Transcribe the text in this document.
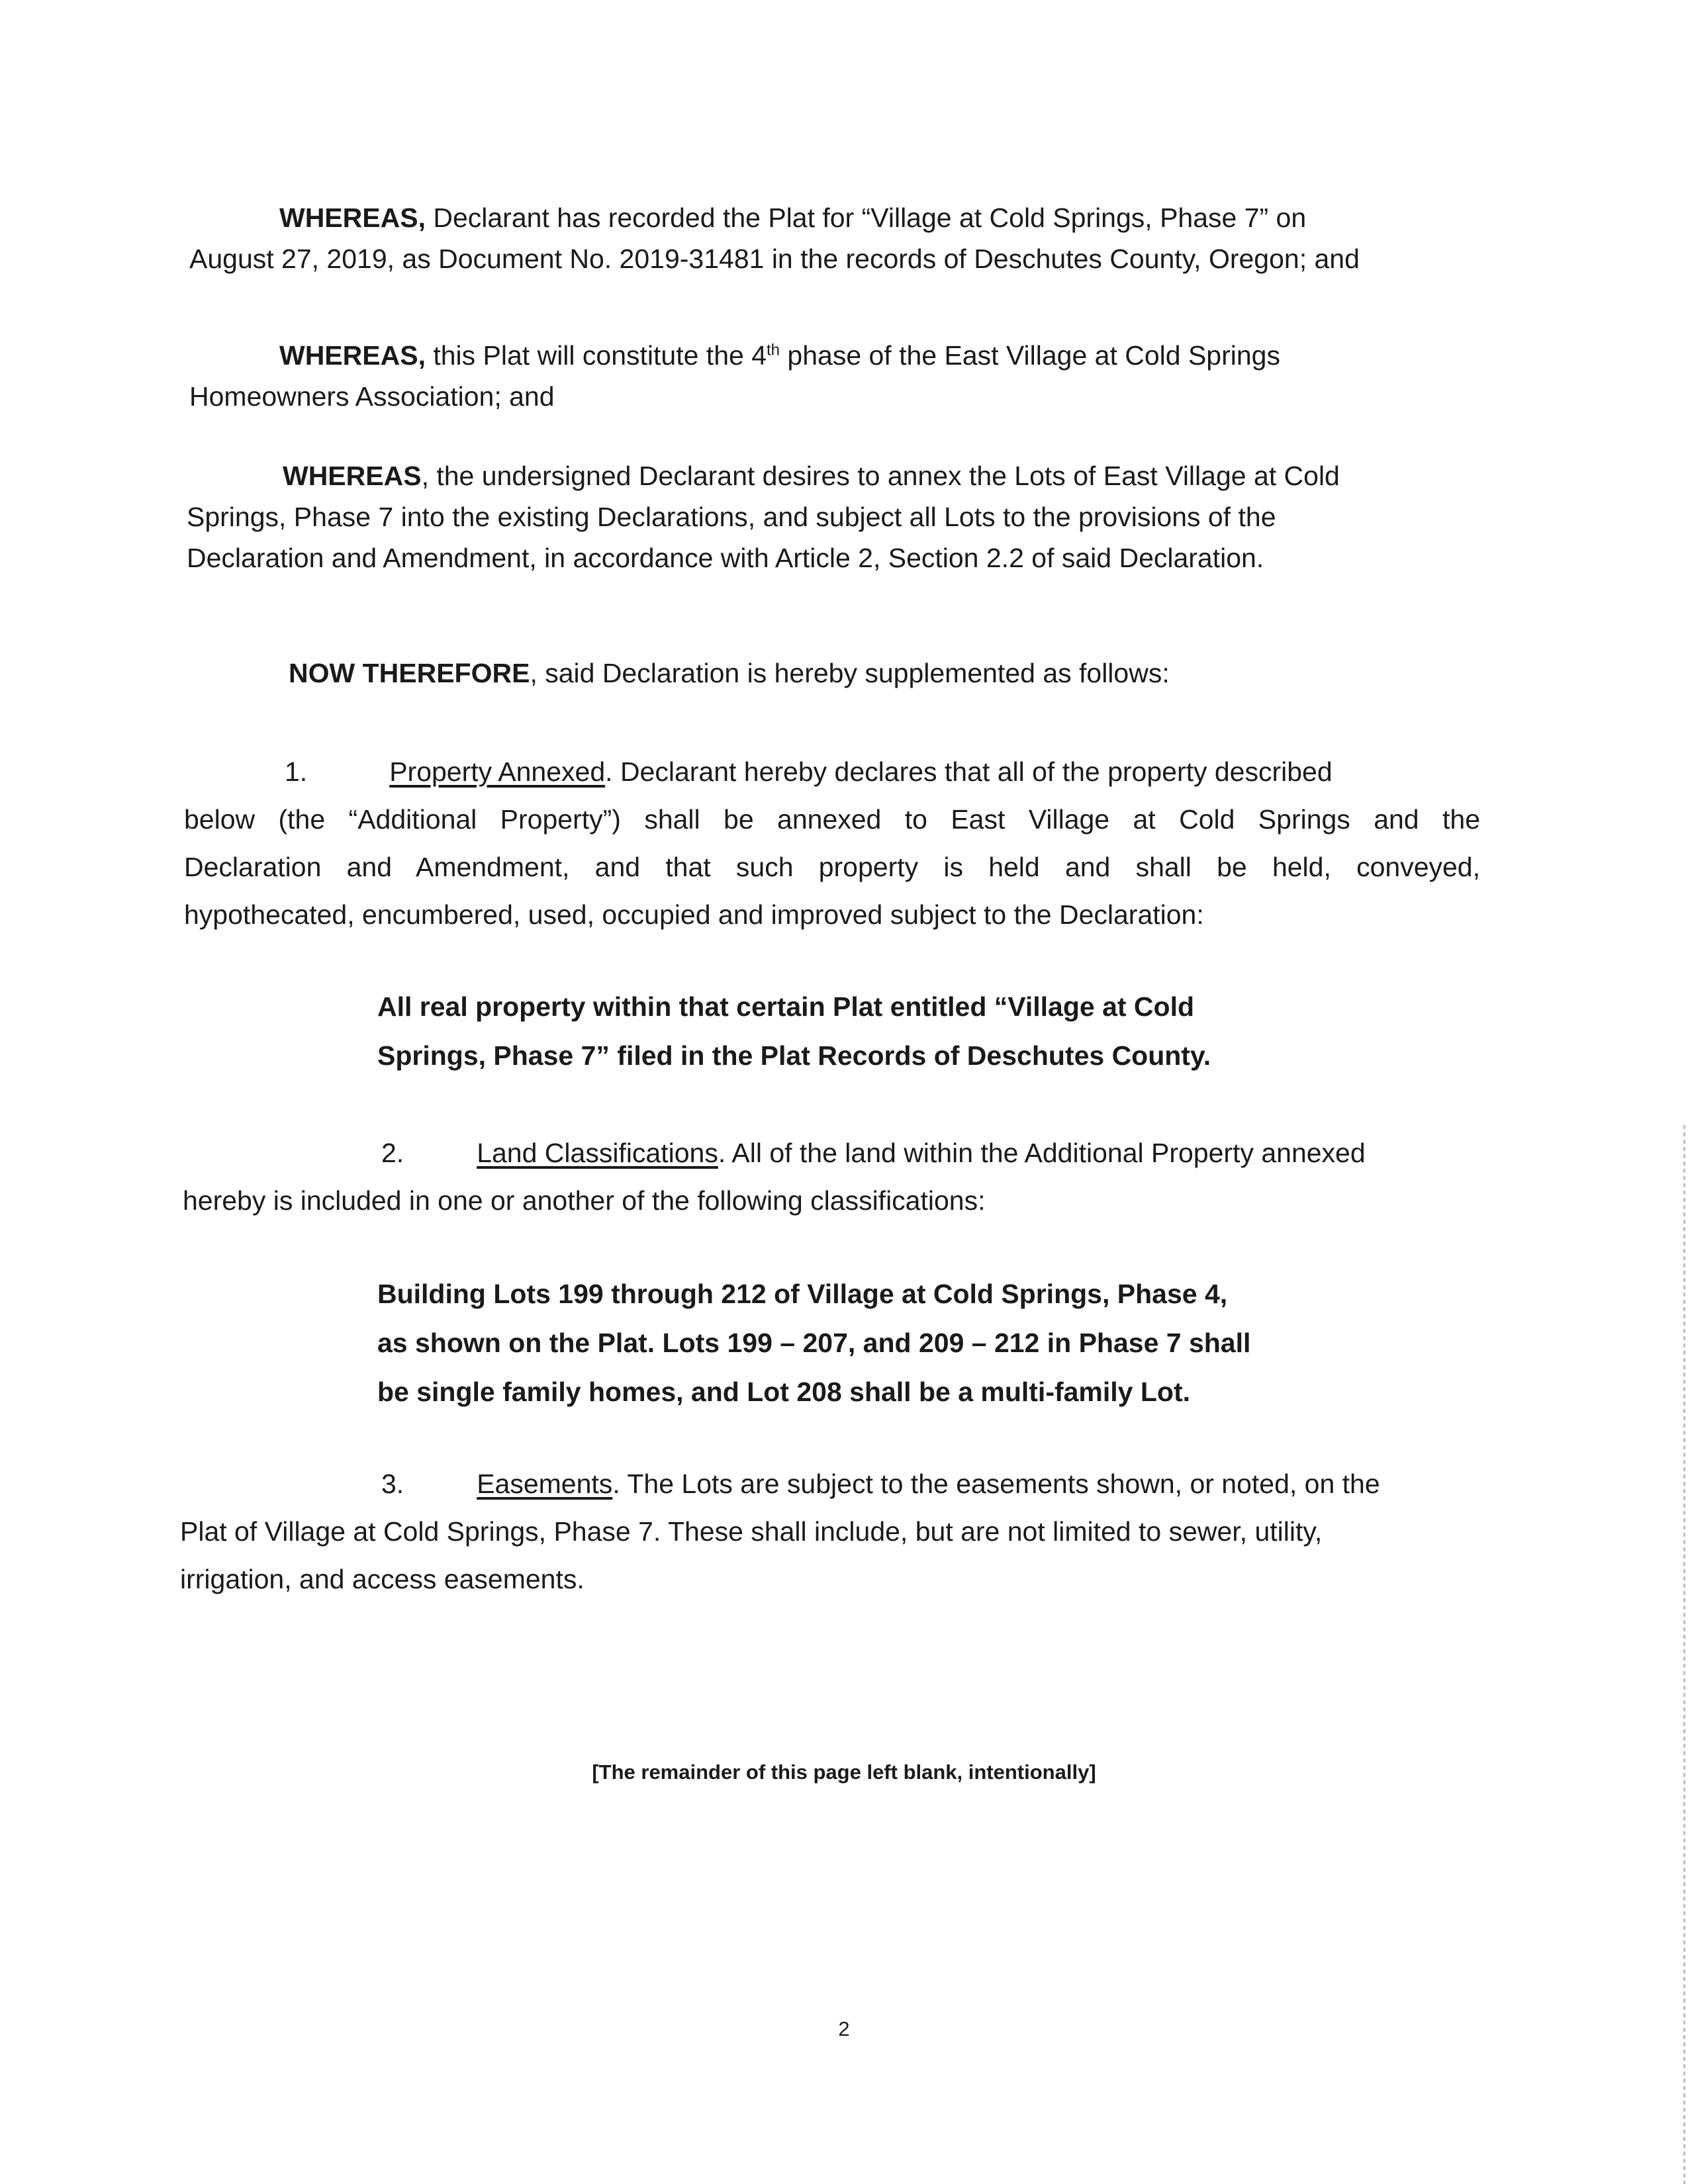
WHEREAS, Declarant has recorded the Plat for “Village at Cold Springs, Phase 7” on
August 27, 2019, as Document No. 2019-31481 in the records of Deschutes County, Oregon; and
WHEREAS, this Plat will constitute the 4th phase of the East Village at Cold Springs
Homeowners Association; and
WHEREAS, the undersigned Declarant desires to annex the Lots of East Village at Cold
Springs, Phase 7 into the existing Declarations, and subject all Lots to the provisions of the
Declaration and Amendment, in accordance with Article 2, Section 2.2 of said Declaration.
NOW THEREFORE, said Declaration is hereby supplemented as follows:
1.	Property Annexed. Declarant hereby declares that all of the property described
below (the “Additional Property”) shall be annexed to East Village at Cold Springs and the
Declaration and Amendment, and that such property is held and shall be held, conveyed,
hypothecated, encumbered, used, occupied and improved subject to the Declaration:
All real property within that certain Plat entitled “Village at Cold
Springs, Phase 7” filed in the Plat Records of Deschutes County.
2.	Land Classifications. All of the land within the Additional Property annexed
hereby is included in one or another of the following classifications:
Building Lots 199 through 212 of Village at Cold Springs, Phase 4,
as shown on the Plat. Lots 199 – 207, and 209 – 212 in Phase 7 shall
be single family homes, and Lot 208 shall be a multi-family Lot.
3.	Easements. The Lots are subject to the easements shown, or noted, on the
Plat of Village at Cold Springs, Phase 7. These shall include, but are not limited to sewer, utility,
irrigation, and access easements.
[The remainder of this page left blank, intentionally]
2
